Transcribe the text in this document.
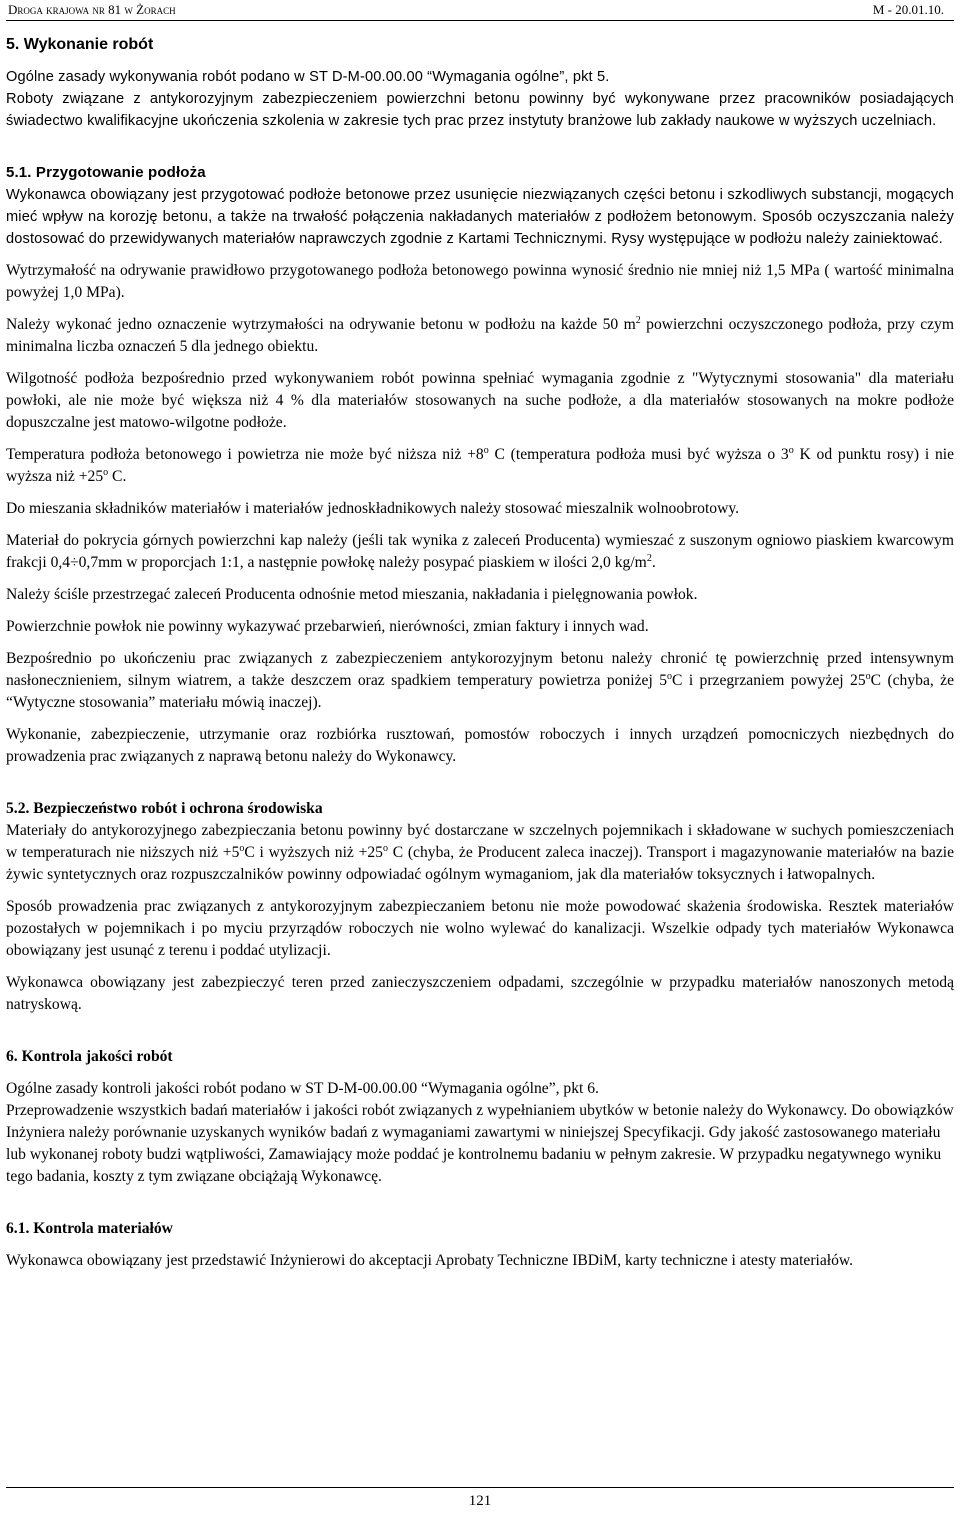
Droga krajowa nr 81 w Żorach	M - 20.01.10.

5. Wykonanie robót

Ogólne zasady wykonywania robót podano w ST D-M-00.00.00 “Wymagania ogólne”, pkt 5.

Roboty związane z antykorozyjnym zabezpieczeniem powierzchni betonu powinny być wykonywane przez pracowników posiadających świadectwo kwalifikacyjne ukończenia szkolenia w zakresie tych prac przez instytuty branżowe lub zakłady naukowe w wyższych uczelniach.

5.1. Przygotowanie podłoża

Wykonawca obowiązany jest przygotować podłoże betonowe przez usunięcie niezwiązanych części betonu i szkodliwych substancji, mogących mieć wpływ na korozję betonu, a także na trwałość połączenia nakładanych materiałów z podłożem betonowym. Sposób oczyszczania należy dostosować do przewidywanych materiałów naprawczych zgodnie z Kartami Technicznymi. Rysy występujące w podłożu należy zainiektować.

Wytrzymałość na odrywanie prawidłowo przygotowanego podłoża betonowego powinna wynosić średnio nie mniej niż 1,5 MPa ( wartość minimalna powyżej 1,0 MPa).

Należy wykonać jedno oznaczenie wytrzymałości na odrywanie betonu w podłożu na każde 50 $m^2$ powierzchni oczyszczonego podłoża, przy czym minimalna liczba oznaczeń 5 dla jednego obiektu.

Wilgotność podłoża bezpośrednio przed wykonywaniem robót powinna spełniać wymagania zgodnie z "Wytycznymi stosowania" dla materiału powłoki, ale nie może być większa niż 4 % dla materiałów stosowanych na suche podłoże, a dla materiałów stosowanych na mokre podłoże dopuszczalne jest matowo-wilgotne podłoże.

Temperatura podłoża betonowego i powietrza nie może być niższa niż $+8^o$ C (temperatura podłoża musi być wyższa o 3$^o$ K od punktu rosy) i nie wyższa niż $+25^o$ C.

Do mieszania składników materiałów i materiałów jednoskładnikowych należy stosować mieszalnik wolnoobrotowy.

Materiał do pokrycia górnych powierzchni kap należy (jeśli tak wynika z zaleceń Producenta) wymieszać z suszonym ogniowo piaskiem kwarcowym frakcji 0,4÷0,7mm w proporcjach 1:1, a następnie powłokę należy posypać piaskiem w ilości 2,0 $kg/m^2$.

Należy ściśle przestrzegać zaleceń Producenta odnośnie metod mieszania, nakładania i pielęgnowania powłok.

Powierzchnie powłok nie powinny wykazywać przebarwień, nierówności, zmian faktury i innych wad.

Bezpośrednio po ukończeniu prac związanych z zabezpieczeniem antykorozyjnym betonu należy chronić tę powierzchnię przed intensywnym nasłonecznieniem, silnym wiatrem, a także deszczem oraz spadkiem temperatury powietrza poniżej 5$^o$C i przegrzaniem powyżej 25$^o$C (chyba, że “Wytyczne stosowania” materiału mówią inaczej).

Wykonanie, zabezpieczenie, utrzymanie oraz rozbiórka rusztowań, pomostów roboczych i innych urządzeń pomocniczych niezbędnych do prowadzenia prac związanych z naprawą betonu należy do Wykonawcy.

5.2. Bezpieczeństwo robót i ochrona środowiska

Materiały do antykorozyjnego zabezpieczania betonu powinny być dostarczane w szczelnych pojemnikach i składowane w suchych pomieszczeniach w temperaturach nie niższych niż $+5^oC$ i wyższych niż $+25^o$ C (chyba, że Producent zaleca inaczej). Transport i magazynowanie materiałów na bazie żywic syntetycznych oraz rozpuszczalników powinny odpowiadać ogólnym wymaganiom, jak dla materiałów toksycznych i łatwopalnych.

Sposób prowadzenia prac związanych z antykorozyjnym zabezpieczaniem betonu nie może powodować skażenia środowiska. Resztek materiałów pozostałych w pojemnikach i po myciu przyrządów roboczych nie wolno wylewać do kanalizacji. Wszelkie odpady tych materiałów Wykonawca obowiązany jest usunąć z terenu i poddać utylizacji.

Wykonawca obowiązany jest zabezpieczyć teren przed zanieczyszczeniem odpadami, szczególnie w przypadku materiałów nanoszonych metodą natryskową.

6. Kontrola jakości robót

Ogólne zasady kontroli jakości robót podano w ST D-M-00.00.00 “Wymagania ogólne”, pkt 6.

Przeprowadzenie wszystkich badań materiałów i jakości robót związanych z wypełnianiem ubytków w betonie należy do Wykonawcy. Do obowiązków Inżyniera należy porównanie uzyskanych wyników badań z wymaganiami zawartymi w niniejszej Specyfikacji. Gdy jakość zastosowanego materiału lub wykonanej roboty budzi wątpliwości, Zamawiający może poddać je kontrolnemu badaniu w pełnym zakresie. W przypadku negatywnego wyniku tego badania, koszty z tym związane obciążają Wykonawcę.

6.1. Kontrola materiałów

Wykonawca obowiązany jest przedstawić Inżynierowi do akceptacji Aprobaty Techniczne IBDiM, karty techniczne i atesty materiałów.

121
